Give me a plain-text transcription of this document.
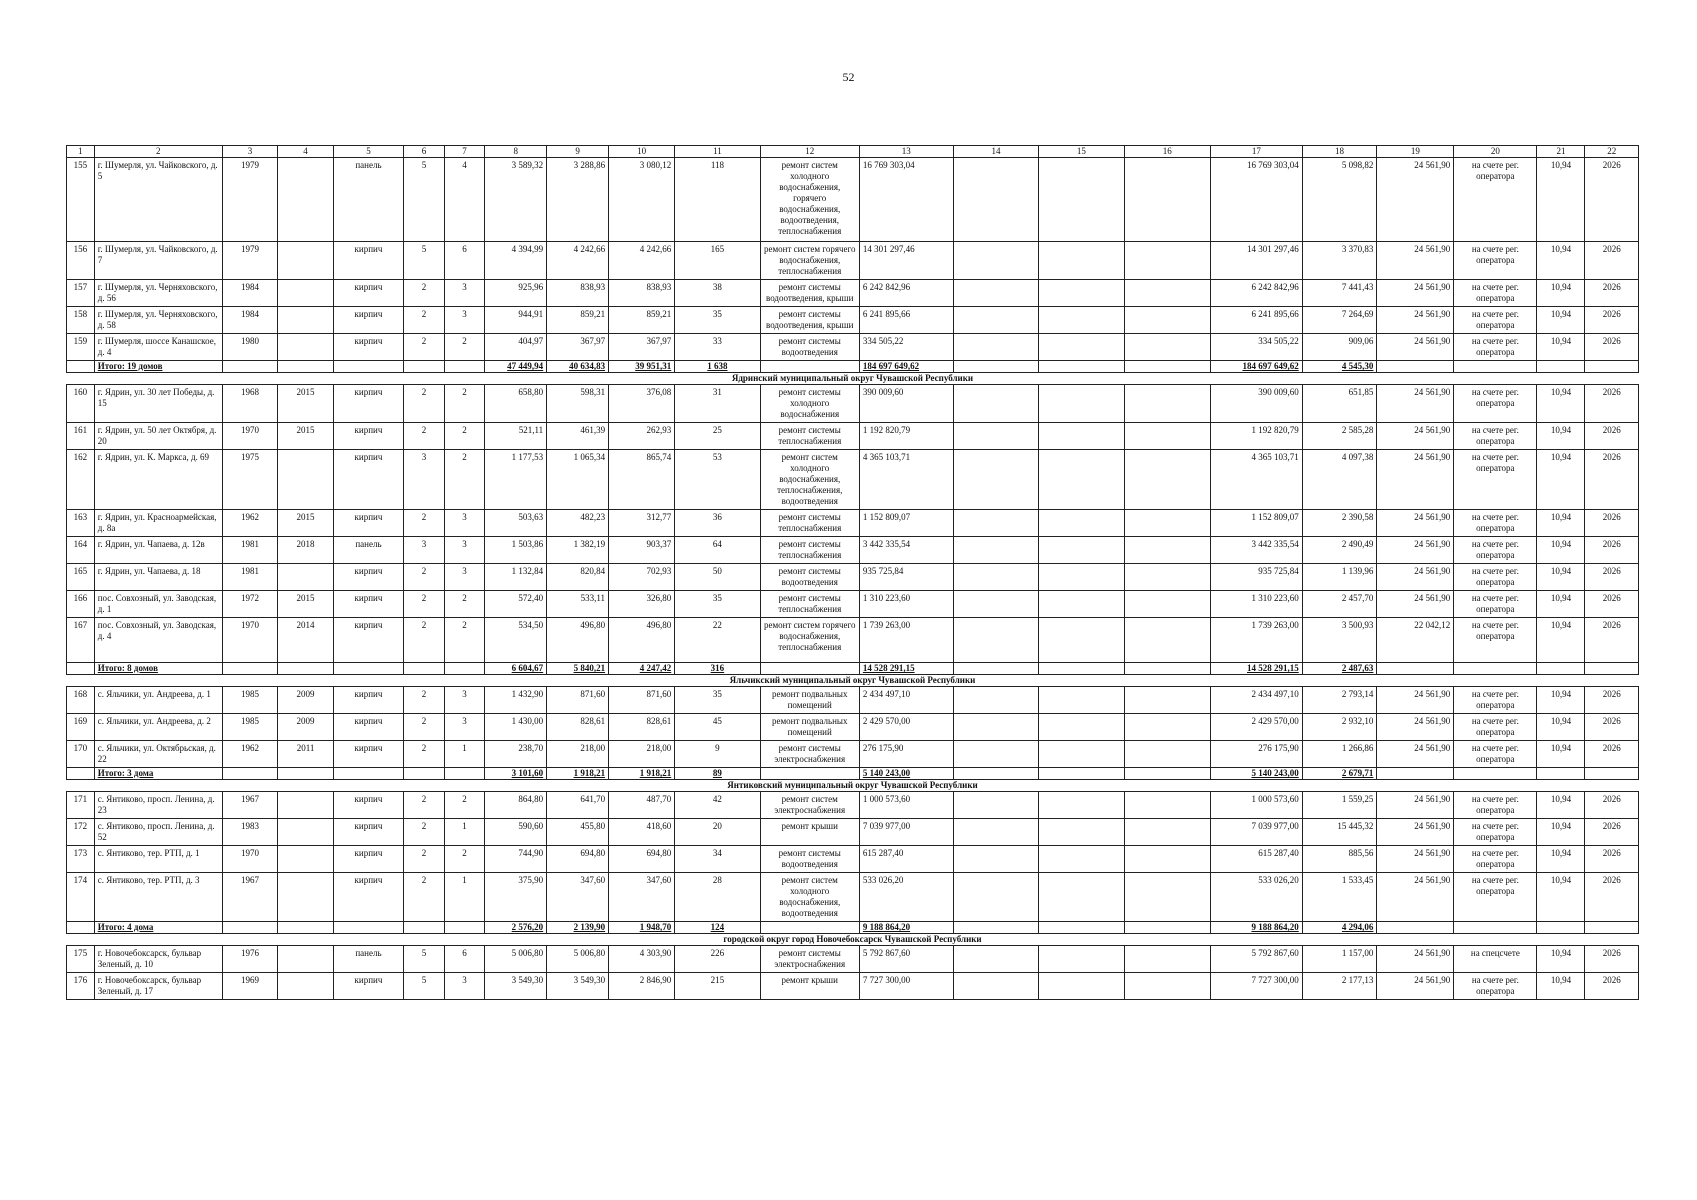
52
1	2	3	4	5	6	7	8	9	10	11	12	13	14	15	16	17	18	19	20	21	22
155	г. Шумерля, ул. Чайковского, д. 5	1979		панель	5	4	3 589,32	3 288,86	3 080,12	118	ремонт систем холодного водоснабжения, горячего водоснабжения, водоотведения, теплоснабжения	16 769 303,04				16 769 303,04	5 098,82	24 561,90	на счете рег. оператора	10,94	2026
156	г. Шумерля, ул. Чайковского, д. 7	1979		кирпич	5	6	4 394,99	4 242,66	4 242,66	165	ремонт систем горячего водоснабжения, теплоснабжения	14 301 297,46				14 301 297,46	3 370,83	24 561,90	на счете рег. оператора	10,94	2026
157	г. Шумерля, ул. Черняховского, д. 56	1984		кирпич	2	3	925,96	838,93	838,93	38	ремонт системы водоотведения, крыши	6 242 842,96				6 242 842,96	7 441,43	24 561,90	на счете рег. оператора	10,94	2026
158	г. Шумерля, ул. Черняховского, д. 58	1984		кирпич	2	3	944,91	859,21	859,21	35	ремонт системы водоотведения, крыши	6 241 895,66				6 241 895,66	7 264,69	24 561,90	на счете рег. оператора	10,94	2026
159	г. Шумерля, шоссе Канашское, д. 4	1980		кирпич	2	2	404,97	367,97	367,97	33	ремонт системы водоотведения	334 505,22				334 505,22	909,06	24 561,90	на счете рег. оператора	10,94	2026
	Итого: 19 домов						47 449,94	40 634,83	39 951,31	1 638		184 697 649,62				184 697 649,62	4 545,30				
Ядринский муниципальный округ Чувашской Республики																					
160	г. Ядрин, ул. 30 лет Победы, д. 15	1968	2015	кирпич	2	2	658,80	598,31	376,08	31	ремонт системы холодного водоснабжения	390 009,60				390 009,60	651,85	24 561,90	на счете рег. оператора	10,94	2026
161	г. Ядрин, ул. 50 лет Октября, д. 20	1970	2015	кирпич	2	2	521,11	461,39	262,93	25	ремонт системы теплоснабжения	1 192 820,79				1 192 820,79	2 585,28	24 561,90	на счете рег. оператора	10,94	2026
162	г. Ядрин, ул. К. Маркса, д. 69	1975		кирпич	3	2	1 177,53	1 065,34	865,74	53	ремонт систем холодного водоснабжения, теплоснабжения, водоотведения	4 365 103,71				4 365 103,71	4 097,38	24 561,90	на счете рег. оператора	10,94	2026
163	г. Ядрин, ул. Красноармейская, д. 8а	1962	2015	кирпич	2	3	503,63	482,23	312,77	36	ремонт системы теплоснабжения	1 152 809,07				1 152 809,07	2 390,58	24 561,90	на счете рег. оператора	10,94	2026
164	г. Ядрин, ул. Чапаева, д. 12в	1981	2018	панель	3	3	1 503,86	1 382,19	903,37	64	ремонт системы теплоснабжения	3 442 335,54				3 442 335,54	2 490,49	24 561,90	на счете рег. оператора	10,94	2026
165	г. Ядрин, ул. Чапаева, д. 18	1981		кирпич	2	3	1 132,84	820,84	702,93	50	ремонт системы водоотведения	935 725,84				935 725,84	1 139,96	24 561,90	на счете рег. оператора	10,94	2026
166	пос. Совхозный, ул. Заводская, д. 1	1972	2015	кирпич	2	2	572,40	533,11	326,80	35	ремонт системы теплоснабжения	1 310 223,60				1 310 223,60	2 457,70	24 561,90	на счете рег. оператора	10,94	2026
167	пос. Совхозный, ул. Заводская, д. 4	1970	2014	кирпич	2	2	534,50	496,80	496,80	22	ремонт систем горячего водоснабжения, теплоснабжения	1 739 263,00				1 739 263,00	3 500,93	22 042,12	на счете рег. оператора	10,94	2026
	Итого: 8 домов						6 604,67	5 840,21	4 247,42	316		14 528 291,15				14 528 291,15	2 487,63				
Яльчикский муниципальный округ Чувашской Республики																					
168	с. Яльчики, ул. Андреева, д. 1	1985	2009	кирпич	2	3	1 432,90	871,60	871,60	35	ремонт подвальных помещений	2 434 497,10				2 434 497,10	2 793,14	24 561,90	на счете рег. оператора	10,94	2026
169	с. Яльчики, ул. Андреева, д. 2	1985	2009	кирпич	2	3	1 430,00	828,61	828,61	45	ремонт подвальных помещений	2 429 570,00				2 429 570,00	2 932,10	24 561,90	на счете рег. оператора	10,94	2026
170	с. Яльчики, ул. Октябрьская, д. 22	1962	2011	кирпич	2	1	238,70	218,00	218,00	9	ремонт системы электроснабжения	276 175,90				276 175,90	1 266,86	24 561,90	на счете рег. оператора	10,94	2026
	Итого: 3 дома						3 101,60	1 918,21	1 918,21	89		5 140 243,00				5 140 243,00	2 679,71				
Янтиковский муниципальный округ Чувашской Республики																					
171	с. Янтиково, просп. Ленина, д. 23	1967		кирпич	2	2	864,80	641,70	487,70	42	ремонт систем электроснабжения	1 000 573,60				1 000 573,60	1 559,25	24 561,90	на счете рег. оператора	10,94	2026
172	с. Янтиково, просп. Ленина, д. 52	1983		кирпич	2	1	590,60	455,80	418,60	20	ремонт крыши	7 039 977,00				7 039 977,00	15 445,32	24 561,90	на счете рег. оператора	10,94	2026
173	с. Янтиково, тер. РТП, д. 1	1970		кирпич	2	2	744,90	694,80	694,80	34	ремонт системы водоотведения	615 287,40				615 287,40	885,56	24 561,90	на счете рег. оператора	10,94	2026
174	с. Янтиково, тер. РТП, д. 3	1967		кирпич	2	1	375,90	347,60	347,60	28	ремонт систем холодного водоснабжения, водоотведения	533 026,20				533 026,20	1 533,45	24 561,90	на счете рег. оператора	10,94	2026
	Итого: 4 дома						2 576,20	2 139,90	1 948,70	124		9 188 864,20				9 188 864,20	4 294,06				
городской округ город Новочебоксарск Чувашской Республики																					
175	г. Новочебоксарск, бульвар Зеленый, д. 10	1976		панель	5	6	5 006,80	5 006,80	4 303,90	226	ремонт системы электроснабжения	5 792 867,60				5 792 867,60	1 157,00	24 561,90	на спецсчете	10,94	2026
176	г. Новочебоксарск, бульвар Зеленый, д. 17	1969		кирпич	5	3	3 549,30	3 549,30	2 846,90	215	ремонт крыши	7 727 300,00				7 727 300,00	2 177,13	24 561,90	на счете рег. оператора	10,94	2026
